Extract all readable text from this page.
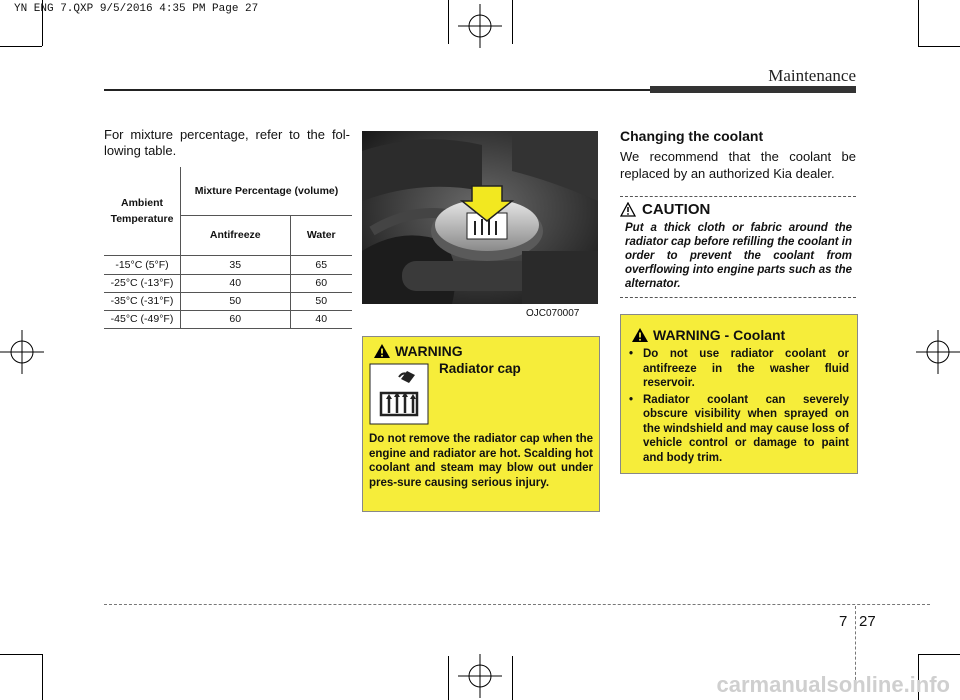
YN ENG 7.QXP 9/5/2016 4:35 PM Page 27
Maintenance
For mixture percentage, refer to the fol-lowing table.
Ambient Temperature	Mixture Percentage (volume)	
	Antifreeze	Water
-15°C (5°F)	35	65
-25°C (-13°F)	40	60
-35°C (-31°F)	50	50
-45°C (-49°F)	60	40	OJC070007
Changing the coolant
We recommend that the coolant be replaced by an authorized Kia dealer.
CAUTION
Put a thick cloth or fabric around the radiator cap before refilling the coolant in order to prevent the coolant from overflowing into engine parts such as the alternator.
WARNING
Radiator cap
Do not remove the radiator cap when the engine and radiator are hot. Scalding hot coolant and steam may blow out under pres-sure causing serious injury.
WARNING - Coolant
• Do not use radiator coolant or antifreeze in the washer fluid reservoir.
• Radiator coolant can severely obscure visibility when sprayed on the windshield and may cause loss of vehicle control or damage to paint and body trim.
7 27
carmanualsonline.info
